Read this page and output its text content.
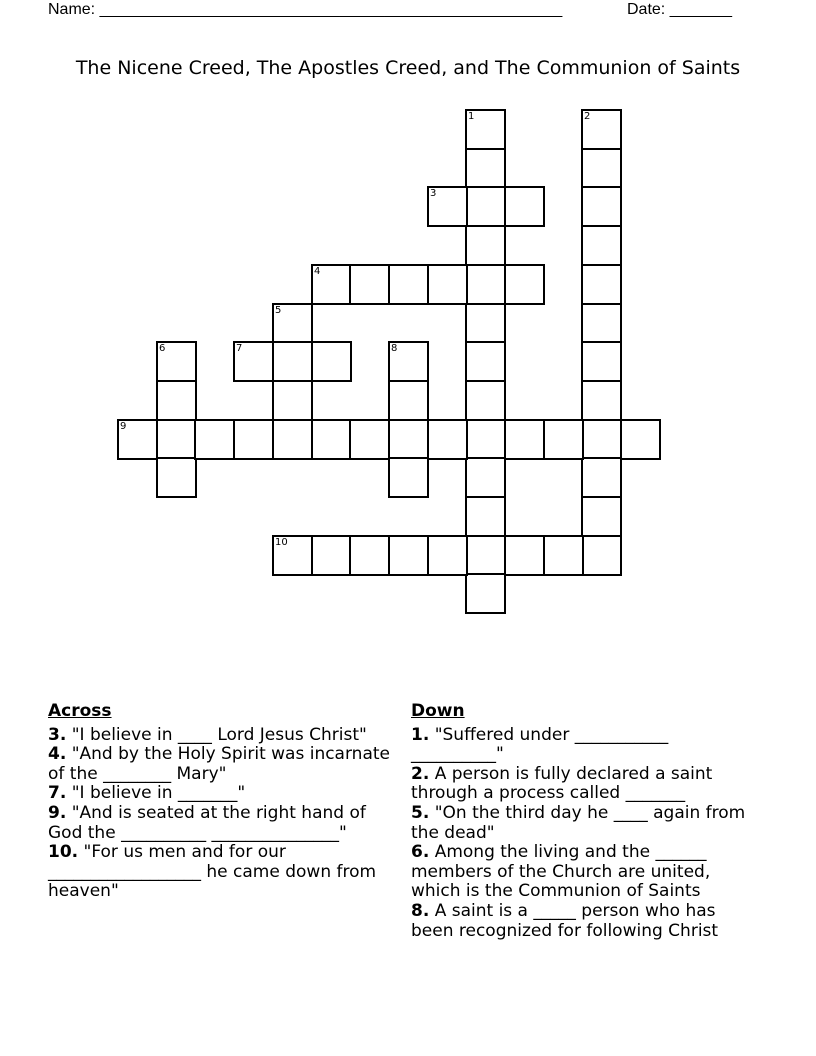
Name: ____________________________________________________	Date: _______
The Nicene Creed, The Apostles Creed, and The Communion of Saints
1	2
3
4
5
6	7	8
9
10
Across
3. "I believe in ____ Lord Jesus Christ"
4. "And by the Holy Spirit was incarnate of the ________ Mary"
7. "I believe in _______"
9. "And is seated at the right hand of God the __________ _______________"
10. "For us men and for our __________________ he came down from heaven"
Down
1. "Suffered under ___________ __________"
2. A person is fully declared a saint through a process called _______
5. "On the third day he ____ again from the dead"
6. Among the living and the ______ members of the Church are united, which is the Communion of Saints
8. A saint is a _____ person who has been recognized for following Christ
